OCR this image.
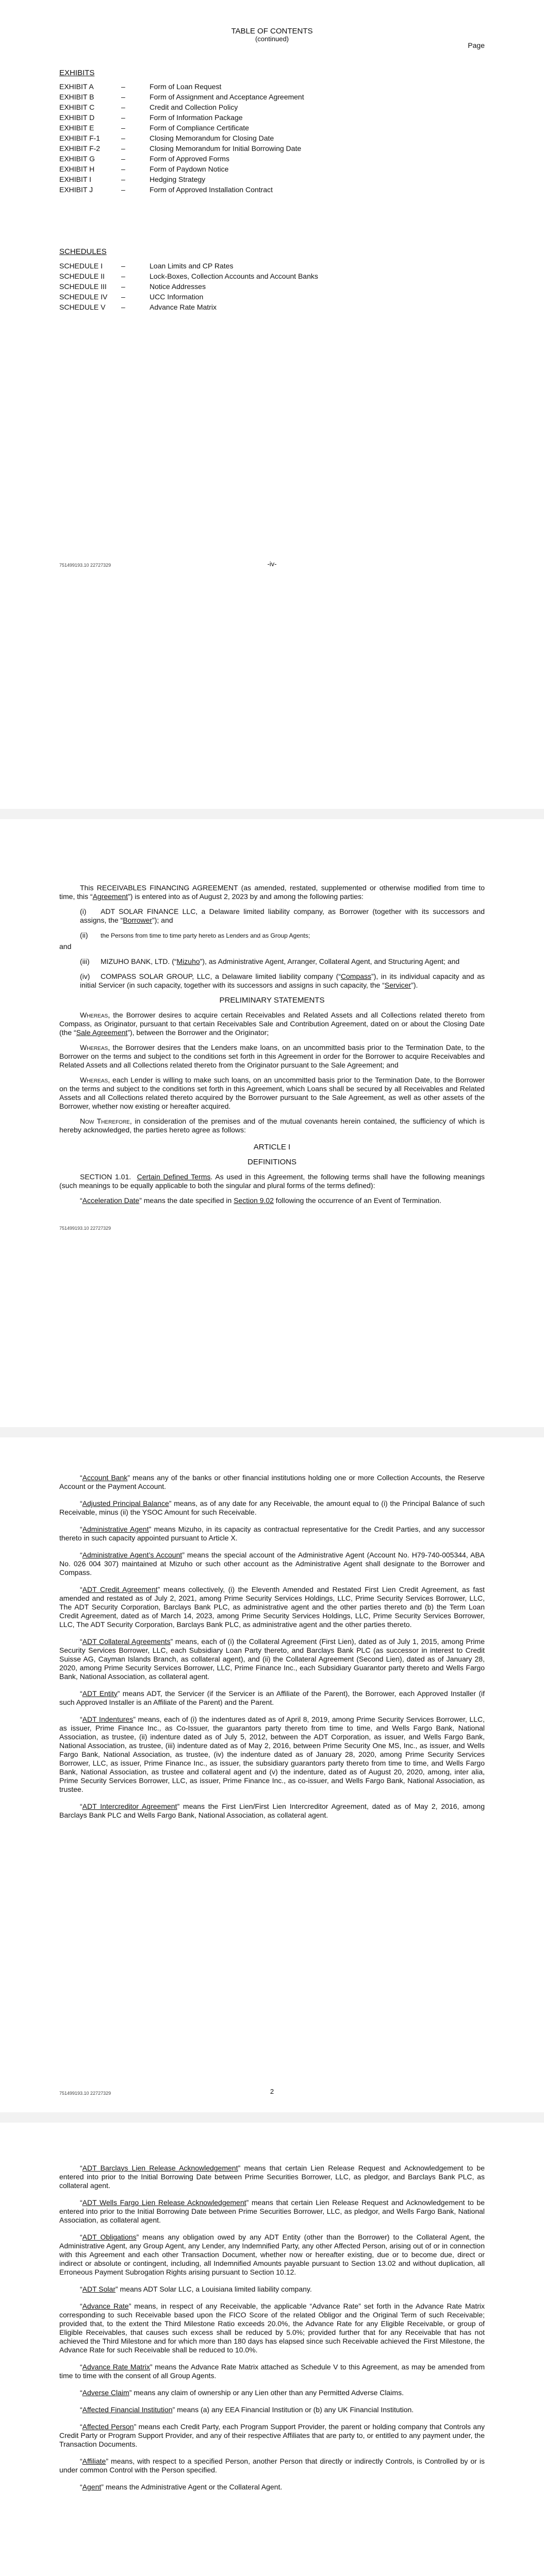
TABLE OF CONTENTS
(continued)
Page
EXHIBITS
EXHIBIT A	–	Form of Loan Request
EXHIBIT B	–	Form of Assignment and Acceptance Agreement
EXHIBIT C	–	Credit and Collection Policy
EXHIBIT D	–	Form of Information Package
EXHIBIT E	–	Form of Compliance Certificate
EXHIBIT F-1	–	Closing Memorandum for Closing Date
EXHIBIT F-2	–	Closing Memorandum for Initial Borrowing Date
EXHIBIT G	–	Form of Approved Forms
EXHIBIT H	–	Form of Paydown Notice
EXHIBIT I	–	Hedging Strategy
EXHIBIT J	–	Form of Approved Installation Contract
SCHEDULES
SCHEDULE I	–	Loan Limits and CP Rates
SCHEDULE II	–	Lock-Boxes, Collection Accounts and Account Banks
SCHEDULE III	–	Notice Addresses
SCHEDULE IV	–	UCC Information
SCHEDULE V	–	Advance Rate Matrix
751499193.10 22727329	-iv-

This RECEIVABLES FINANCING AGREEMENT (as amended, restated, supplemented or otherwise modified from time to time, this “Agreement”) is entered into as of August 2, 2023 by and among the following parties:

(i) ADT SOLAR FINANCE LLC, a Delaware limited liability company, as Borrower (together with its successors and assigns, the “Borrower”); and

(ii) the Persons from time to time party hereto as Lenders and as Group Agents;

and

(iii) MIZUHO BANK, LTD. (“Mizuho”), as Administrative Agent, Arranger, Collateral Agent, and Structuring Agent; and

(iv) COMPASS SOLAR GROUP, LLC, a Delaware limited liability company (“Compass”), in its individual capacity and as initial Servicer (in such capacity, together with its successors and assigns in such capacity, the “Servicer”).

PRELIMINARY STATEMENTS

Whereas, the Borrower desires to acquire certain Receivables and Related Assets and all Collections related thereto from Compass, as Originator, pursuant to that certain Receivables Sale and Contribution Agreement, dated on or about the Closing Date (the “Sale Agreement”), between the Borrower and the Originator;

Whereas, the Borrower desires that the Lenders make loans, on an uncommitted basis prior to the Termination Date, to the Borrower on the terms and subject to the conditions set forth in this Agreement in order for the Borrower to acquire Receivables and Related Assets and all Collections related thereto from the Originator pursuant to the Sale Agreement; and

Whereas, each Lender is willing to make such loans, on an uncommitted basis prior to the Termination Date, to the Borrower on the terms and subject to the conditions set forth in this Agreement, which Loans shall be secured by all Receivables and Related Assets and all Collections related thereto acquired by the Borrower pursuant to the Sale Agreement, as well as other assets of the Borrower, whether now existing or hereafter acquired.

Now Therefore, in consideration of the premises and of the mutual covenants herein contained, the sufficiency of which is hereby acknowledged, the parties hereto agree as follows:

ARTICLE I

DEFINITIONS

SECTION 1.01. Certain Defined Terms. As used in this Agreement, the following terms shall have the following meanings (such meanings to be equally applicable to both the singular and plural forms of the terms defined):

“Acceleration Date” means the date specified in Section 9.02 following the occurrence of an Event of Termination.

751499193.10 22727329

“Account Bank” means any of the banks or other financial institutions holding one or more Collection Accounts, the Reserve Account or the Payment Account.

“Adjusted Principal Balance” means, as of any date for any Receivable, the amount equal to (i) the Principal Balance of such Receivable, minus (ii) the YSOC Amount for such Receivable.

“Administrative Agent” means Mizuho, in its capacity as contractual representative for the Credit Parties, and any successor thereto in such capacity appointed pursuant to Article X.

“Administrative Agent’s Account” means the special account of the Administrative Agent (Account No. H79-740-005344, ABA No. 026 004 307) maintained at Mizuho or such other account as the Administrative Agent shall designate to the Borrower and Compass.

“ADT Credit Agreement” means collectively, (i) the Eleventh Amended and Restated First Lien Credit Agreement, as fast amended and restated as of July 2, 2021, among Prime Security Services Holdings, LLC, Prime Security Services Borrower, LLC, The ADT Security Corporation, Barclays Bank PLC, as administrative agent and the other parties thereto and (b) the Term Loan Credit Agreement, dated as of March 14, 2023, among Prime Security Services Holdings, LLC, Prime Security Services Borrower, LLC, The ADT Security Corporation, Barclays Bank PLC, as administrative agent and the other parties thereto.

“ADT Collateral Agreements” means, each of (i) the Collateral Agreement (First Lien), dated as of July 1, 2015, among Prime Security Services Borrower, LLC, each Subsidiary Loan Party thereto, and Barclays Bank PLC (as successor in interest to Credit Suisse AG, Cayman Islands Branch, as collateral agent), and (ii) the Collateral Agreement (Second Lien), dated as of January 28, 2020, among Prime Security Services Borrower, LLC, Prime Finance Inc., each Subsidiary Guarantor party thereto and Wells Fargo Bank, National Association, as collateral agent.

“ADT Entity” means ADT, the Servicer (if the Servicer is an Affiliate of the Parent), the Borrower, each Approved Installer (if such Approved Installer is an Affiliate of the Parent) and the Parent.

“ADT Indentures” means, each of (i) the indentures dated as of April 8, 2019, among Prime Security Services Borrower, LLC, as issuer, Prime Finance Inc., as Co-Issuer, the guarantors party thereto from time to time, and Wells Fargo Bank, National Association, as trustee, (ii) indenture dated as of July 5, 2012, between the ADT Corporation, as issuer, and Wells Fargo Bank, National Association, as trustee, (iii) indenture dated as of May 2, 2016, between Prime Security One MS, Inc., as issuer, and Wells Fargo Bank, National Association, as trustee, (iv) the indenture dated as of January 28, 2020, among Prime Security Services Borrower, LLC, as issuer, Prime Finance Inc., as issuer, the subsidiary guarantors party thereto from time to time, and Wells Fargo Bank, National Association, as trustee and collateral agent and (v) the indenture, dated as of August 20, 2020, among, inter alia, Prime Security Services Borrower, LLC, as issuer, Prime Finance Inc., as co-issuer, and Wells Fargo Bank, National Association, as trustee.

“ADT Intercreditor Agreement” means the First Lien/First Lien Intercreditor Agreement, dated as of May 2, 2016, among Barclays Bank PLC and Wells Fargo Bank, National Association, as collateral agent.

751499193.10 22727329	2

“ADT Barclays Lien Release Acknowledgement” means that certain Lien Release Request and Acknowledgement to be entered into prior to the Initial Borrowing Date between Prime Securities Borrower, LLC, as pledgor, and Barclays Bank PLC, as collateral agent.

“ADT Wells Fargo Lien Release Acknowledgement” means that certain Lien Release Request and Acknowledgement to be entered into prior to the Initial Borrowing Date between Prime Securities Borrower, LLC, as pledgor, and Wells Fargo Bank, National Association, as collateral agent.

“ADT Obligations” means any obligation owed by any ADT Entity (other than the Borrower) to the Collateral Agent, the Administrative Agent, any Group Agent, any Lender, any Indemnified Party, any other Affected Person, arising out of or in connection with this Agreement and each other Transaction Document, whether now or hereafter existing, due or to become due, direct or indirect or absolute or contingent, including, all Indemnified Amounts payable pursuant to Section 13.02 and without duplication, all Erroneous Payment Subrogation Rights arising pursuant to Section 10.12.

“ADT Solar” means ADT Solar LLC, a Louisiana limited liability company.

“Advance Rate” means, in respect of any Receivable, the applicable “Advance Rate” set forth in the Advance Rate Matrix corresponding to such Receivable based upon the FICO Score of the related Obligor and the Original Term of such Receivable; provided that, to the extent the Third Milestone Ratio exceeds 20.0%, the Advance Rate for any Eligible Receivable, or group of Eligible Receivables, that causes such excess shall be reduced by 5.0%; provided further that for any Receivable that has not achieved the Third Milestone and for which more than 180 days has elapsed since such Receivable achieved the First Milestone, the Advance Rate for such Receivable shall be reduced to 10.0%.

“Advance Rate Matrix” means the Advance Rate Matrix attached as Schedule V to this Agreement, as may be amended from time to time with the consent of all Group Agents.

“Adverse Claim” means any claim of ownership or any Lien other than any Permitted Adverse Claims.

“Affected Financial Institution” means (a) any EEA Financial Institution or (b) any UK Financial Institution.

“Affected Person” means each Credit Party, each Program Support Provider, the parent or holding company that Controls any Credit Party or Program Support Provider, and any of their respective Affiliates that are party to, or entitled to any payment under, the Transaction Documents.

“Affiliate” means, with respect to a specified Person, another Person that directly or indirectly Controls, is Controlled by or is under common Control with the Person specified.

“Agent” means the Administrative Agent or the Collateral Agent.
